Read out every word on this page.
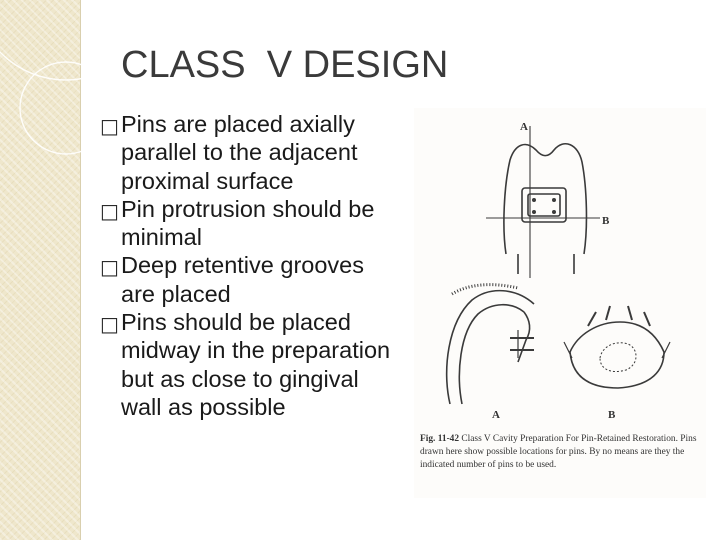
CLASS  V DESIGN
□ Pins are placed axially parallel to the adjacent proximal surface
□ Pin protrusion should be minimal
□ Deep retentive grooves are placed
□ Pins should be placed midway in the preparation but as close to gingival wall as possible
A
B
A	B

Fig. 11-42 Class V Cavity Preparation For Pin-Retained Restoration. Pins drawn here show possible locations for pins. By no means are they the indicated number of pins to be used.
